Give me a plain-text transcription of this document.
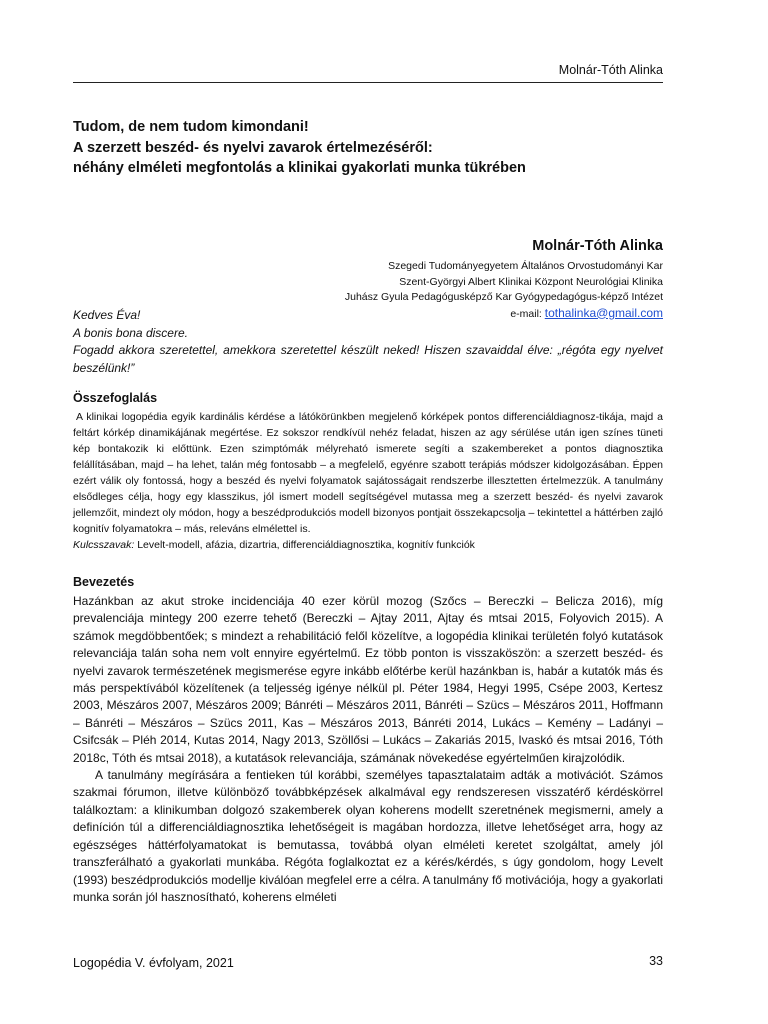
Molnár-Tóth Alinka

Tudom, de nem tudom kimondani!

A szerzett beszéd- és nyelvi zavarok értelmezéséről:

néhány elméleti megfontolás a klinikai gyakorlati munka tükrében

Molnár-Tóth Alinka

Szegedi Tudományegyetem Általános Orvostudományi Kar

Szent-Györgyi Albert Klinikai Központ Neurológiai Klinika

Juhász Gyula Pedagógusképző Kar Gyógypedagógus-képző Intézet

e-mail: tothalinka@gmail.com

Kedves Éva!

A bonis bona discere.

Fogadd akkora szeretettel, amekkora szeretettel készült neked! Hiszen szavaiddal élve: „régóta egy nyelvet beszélünk!”

Összefoglalás

A klinikai logopédia egyik kardinális kérdése a látókörünkben megjelenő kórképek pontos differenciáldiagnosz-tikája, majd a feltárt kórkép dinamikájának megértése. Ez sokszor rendkívül nehéz feladat, hiszen az agy sérülése után igen színes tüneti kép bontakozik ki előttünk. Ezen szimptómák mélyreható ismerete segíti a szakembereket a pontos diagnosztika felállításában, majd – ha lehet, talán még fontosabb – a megfelelő, egyénre szabott terápiás módszer kidolgozásában. Éppen ezért válik oly fontossá, hogy a beszéd és nyelvi folyamatok sajátosságait rendszerbe illesztetten értelmezzük. A tanulmány elsődleges célja, hogy egy klasszikus, jól ismert modell segítségével mutassa meg a szerzett beszéd- és nyelvi zavarok jellemzőit, mindezt oly módon, hogy a beszédprodukciós modell bizonyos pontjait összekapcsolja – tekintettel a háttérben zajló kognitív folyamatokra – más, releváns elmélettel is.

Kulcsszavak: Levelt-modell, afázia, dizartria, differenciáldiagnosztika, kognitív funkciók

Bevezetés

Hazánkban az akut stroke incidenciája 40 ezer körül mozog (Szőcs – Bereczki – Belicza 2016), míg prevalenciája mintegy 200 ezerre tehető (Bereczki – Ajtay 2011, Ajtay és mtsai 2015, Folyovich 2015). A számok megdöbbentőek; s mindezt a rehabilitáció felől közelítve, a logopédia klinikai területén folyó kutatások relevanciája talán soha nem volt ennyire egyértelmű. Ez több ponton is visszaköszön: a szerzett beszéd- és nyelvi zavarok természetének megismerése egyre inkább előtérbe kerül hazánkban is, habár a kutatók más és más perspektívából közelítenek (a teljesség igénye nélkül pl. Péter 1984, Hegyi 1995, Csépe 2003, Kertesz 2003, Mészáros 2007, Mészáros 2009; Bánréti – Mészáros 2011, Bánréti – Szücs – Mészáros 2011, Hoffmann – Bánréti – Mészáros – Szücs 2011, Kas – Mészáros 2013, Bánréti 2014, Lukács – Kemény – Ladányi – Csifcsák – Pléh 2014, Kutas 2014, Nagy 2013, Szöllősi – Lukács – Zakariás 2015, Ivaskó és mtsai 2016, Tóth 2018c, Tóth és mtsai 2018), a kutatások relevanciája, számának növekedése egyértelműen kirajzolódik.

A tanulmány megírására a fentieken túl korábbi, személyes tapasztalataim adták a motivációt. Számos szakmai fórumon, illetve különböző továbbképzések alkalmával egy rendszeresen visszatérő kérdéskörrel találkoztam: a klinikumban dolgozó szakemberek olyan koherens modellt szeretnének megismerni, amely a definíción túl a differenciáldiagnosztika lehetőségeit is magában hordozza, illetve lehetőséget arra, hogy az egészséges háttérfolyamatokat is bemutassa, továbbá olyan elméleti keretet szolgáltat, amely jól transzferálható a gyakorlati munkába. Régóta foglalkoztat ez a kérés/kérdés, s úgy gondolom, hogy Levelt (1993) beszédprodukciós modellje kiválóan megfelel erre a célra. A tanulmány fő motivációja, hogy a gyakorlati munka során jól hasznosítható, koherens elméleti

Logopédia V. évfolyam, 2021	33
